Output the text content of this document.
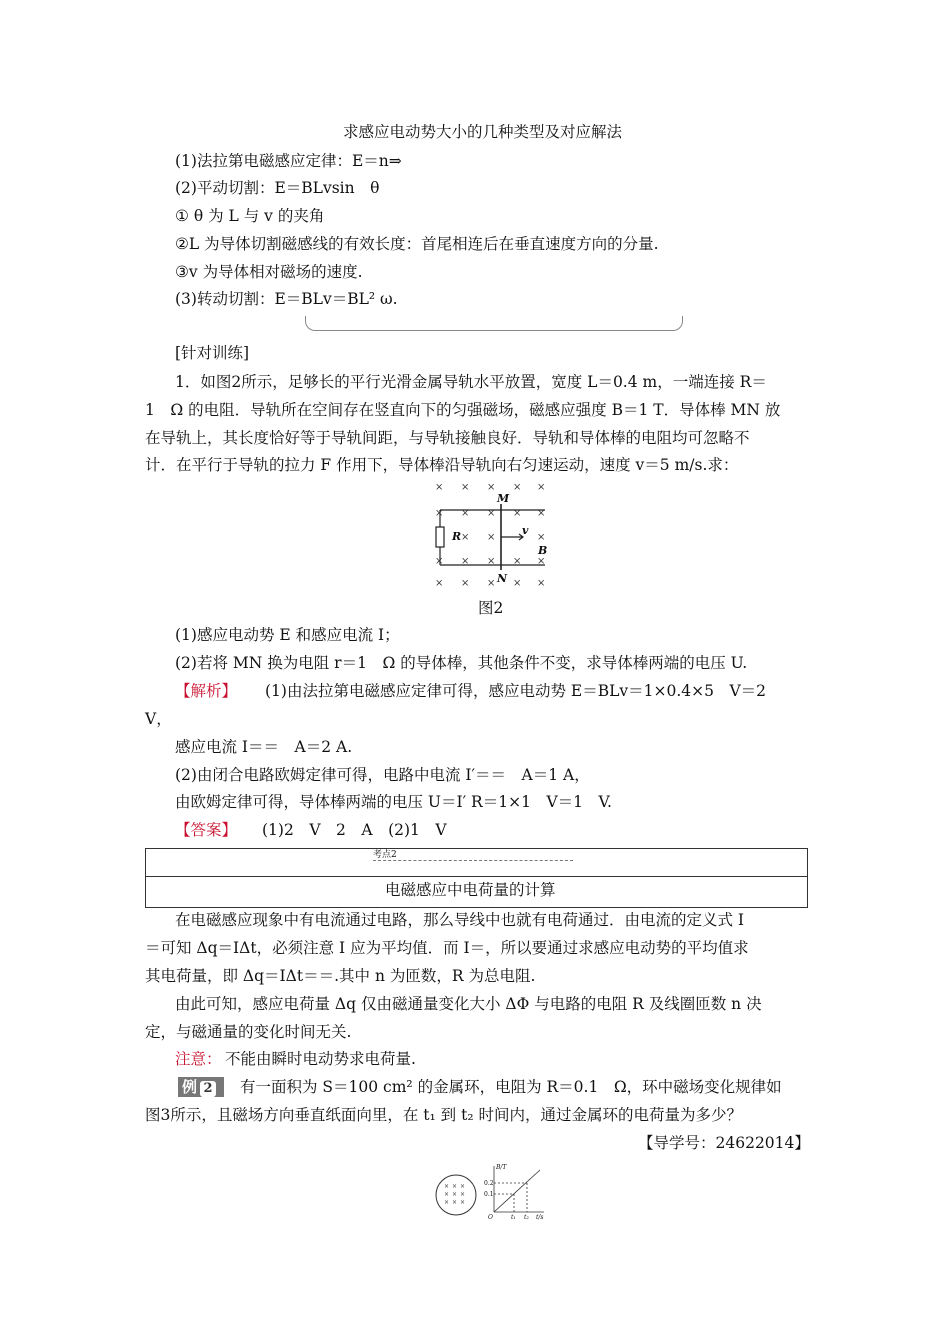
求感应电动势大小的几种类型及对应解法
(1)法拉第电磁感应定律：E＝n⇒
(2)平动切割：E＝BLvsin　θ
① θ 为 L 与 v 的夹角
②L 为导体切割磁感线的有效长度：首尾相连后在垂直速度方向的分量.
③v 为导体相对磁场的速度.
(3)转动切割：E＝BLv＝BL² ω.
[针对训练]
1．如图2所示，足够长的平行光滑金属导轨水平放置，宽度 L＝0.4 m，一端连接 R＝
1　Ω 的电阻．导轨所在空间存在竖直向下的匀强磁场，磁感应强度 B＝1 T．导体棒 MN 放
在导轨上，其长度恰好等于导轨间距，与导轨接触良好．导轨和导体棒的电阻均可忽略不
计．在平行于导轨的拉力 F 作用下，导体棒沿导轨向右匀速运动，速度 v＝5 m/s.求：
× × × × ×
× × × × ×
× ×	×
× × × × ×
× × × × ×
M
N
R	v
B
图2
(1)感应电动势 E 和感应电流 I；
(2)若将 MN 换为电阻 r＝1　Ω 的导体棒，其他条件不变，求导体棒两端的电压 U.
【解析】 (1)由法拉第电磁感应定律可得，感应电动势 E＝BLv＝1×0.4×5　V＝2
V，
感应电流 I＝＝　A＝2 A.
(2)由闭合电路欧姆定律可得，电路中电流 I′＝＝　A＝1 A，
由欧姆定律可得，导体棒两端的电压 U＝I′ R＝1×1　V＝1　V.
【答案】 (1)2　V　2　A　(2)1　V
考点2
电磁感应中电荷量的计算
在电磁感应现象中有电流通过电路，那么导线中也就有电荷通过．由电流的定义式 I
＝可知 Δq＝IΔt，必须注意 I 应为平均值．而 I＝，所以要通过求感应电动势的平均值求
其电荷量，即 Δq＝IΔt＝＝.其中 n 为匝数，R 为总电阻.
由此可知，感应电荷量 Δq 仅由磁通量变化大小 ΔΦ 与电路的电阻 R 及线圈匝数 n 决
定，与磁通量的变化时间无关.
注意： 不能由瞬时电动势求电荷量.
例 2	有一面积为 S＝100 cm² 的金属环，电阻为 R＝0.1　Ω，环中磁场变化规律如
图3所示，且磁场方向垂直纸面向里，在 t₁ 到 t₂ 时间内，通过金属环的电荷量为多少？
【导学号：24622014】
× × ×
× × ×
× × ×
B/T
t/s
0.2
0.1
t₁ t₂
O
